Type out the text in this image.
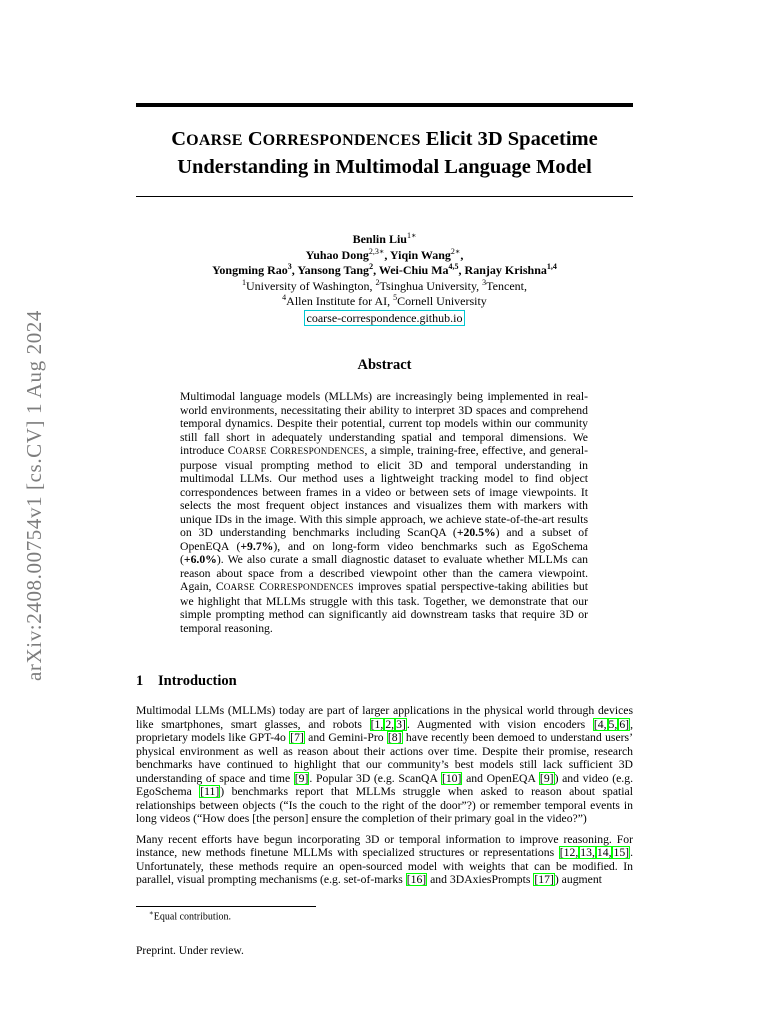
arXiv:2408.00754v1 [cs.CV] 1 Aug 2024
COARSE CORRESPONDENCES Elicit 3D Spacetime
Understanding in Multimodal Language Model
Benlin Liu$^{1∗}$
Yuhao Dong$^{2,3∗}$, Yiqin Wang$^{2∗}$,
Yongming Rao$^3$, Yansong Tang$^2$, Wei-Chiu Ma$^{4,5}$, Ranjay Krishna$^{1,4}$
$^1$University of Washington, $^2$Tsinghua University, $^3$Tencent,
$^4$Allen Institute for AI, $^5$Cornell University
coarse-correspondence.github.io
Abstract

Multimodal language models (MLLMs) are increasingly being implemented in real-world environments, necessitating their ability to interpret 3D spaces and comprehend temporal dynamics. Despite their potential, current top models within our community still fall short in adequately understanding spatial and temporal dimensions. We introduce COARSE CORRESPONDENCES, a simple, training-free, effective, and general-purpose visual prompting method to elicit 3D and temporal understanding in multimodal LLMs. Our method uses a lightweight tracking model to find object correspondences between frames in a video or between sets of image viewpoints. It selects the most frequent object instances and visualizes them with markers with unique IDs in the image. With this simple approach, we achieve state-of-the-art results on 3D understanding benchmarks including ScanQA (+20.5%) and a subset of OpenEQA (+9.7%), and on long-form video benchmarks such as EgoSchema (+6.0%). We also curate a small diagnostic dataset to evaluate whether MLLMs can reason about space from a described viewpoint other than the camera viewpoint. Again, COARSE CORRESPONDENCES improves spatial perspective-taking abilities but we highlight that MLLMs struggle with this task. Together, we demonstrate that our simple prompting method can significantly aid downstream tasks that require 3D or temporal reasoning.

1 Introduction

Multimodal LLMs (MLLMs) today are part of larger applications in the physical world through devices like smartphones, smart glasses, and robots [1, 2, 3]. Augmented with vision encoders [4, 5, 6], proprietary models like GPT-4o [7] and Gemini-Pro [8] have recently been demoed to understand users’ physical environment as well as reason about their actions over time. Despite their promise, research benchmarks have continued to highlight that our community’s best models still lack sufficient 3D understanding of space and time [9]. Popular 3D (e.g. ScanQA [10] and OpenEQA [9]) and video (e.g. EgoSchema [11]) benchmarks report that MLLMs struggle when asked to reason about spatial relationships between objects (“Is the couch to the right of the door”?) or remember temporal events in long videos (“How does [the person] ensure the completion of their primary goal in the video?”)

Many recent efforts have begun incorporating 3D or temporal information to improve reasoning. For instance, new methods finetune MLLMs with specialized structures or representations [12, 13, 14, 15]. Unfortunately, these methods require an open-sourced model with weights that can be modified. In parallel, visual prompting mechanisms (e.g. set-of-marks [16] and 3DAxiesPrompts [17]) augment

∗Equal contribution.
Preprint. Under review.
